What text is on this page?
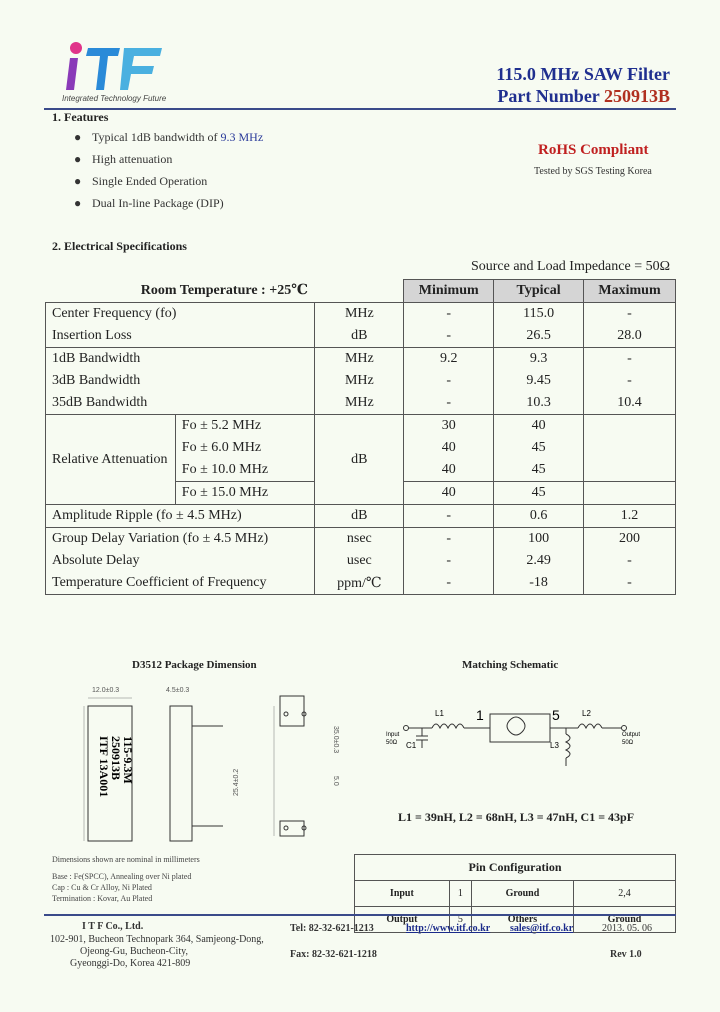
Integrated Technology Future
115.0 MHz SAW Filter
Part Number 250913B
1. Features
● Typical 1dB bandwidth of 9.3 MHz
● High attenuation
● Single Ended Operation
● Dual In-line Package (DIP)
RoHS Compliant
Tested by SGS Testing Korea
2. Electrical Specifications
Source and Load Impedance = 50Ω
Room Temperature : +25℃			Minimum	Typical	Maximum
Center Frequency (fo)		MHz	-	115.0	-
Insertion Loss		dB	-	26.5	28.0
1dB Bandwidth		MHz	9.2	9.3	-
3dB Bandwidth		MHz	-	9.45	-
35dB Bandwidth		MHz	-	10.3	10.4
Relative Attenuation	Fo ± 5.2 MHz	dB	30	40	
	Fo ± 6.0 MHz		40	45	
	Fo ± 10.0 MHz		40	45	
	Fo ± 15.0 MHz		40	45	
Amplitude Ripple (fo ± 4.5 MHz)		dB	-	0.6	1.2
Group Delay Variation (fo ± 4.5 MHz)		nsec	-	100	200
Absolute Delay		usec	-	2.49	-
Temperature Coefficient of Frequency		ppm/℃	-	-18	-
D3512 Package Dimension
12.0±0.3
ITF 13A001
250913B
115-9.3M
4.5±0.3
25.4±0.2
35.0±0.3
5.0
Dimensions shown are nominal in millimeters
Base : Fe(SPCC), Annealing over Ni plated
Cap : Cu & Cr Alloy, Ni Plated
Termination : Kovar, Au Plated
Matching Schematic
L1	L2
L3
C1
1	5
Input
50Ω
Output
50Ω
L1 = 39nH, L2 = 68nH, L3 = 47nH, C1 = 43pF
Pin Configuration			
Input	1	Ground	2,4
Output	5	Others	Ground
I T F Co., Ltd.
102-901, Bucheon Technopark 364, Samjeong-Dong,
Ojeong-Gu, Bucheon-City,
Gyeonggi-Do, Korea 421-809
Tel: 82-32-621-1213
Fax: 82-32-621-1218
http://www.itf.co.kr sales@itf.co.kr	2013. 05. 06
Rev 1.0
